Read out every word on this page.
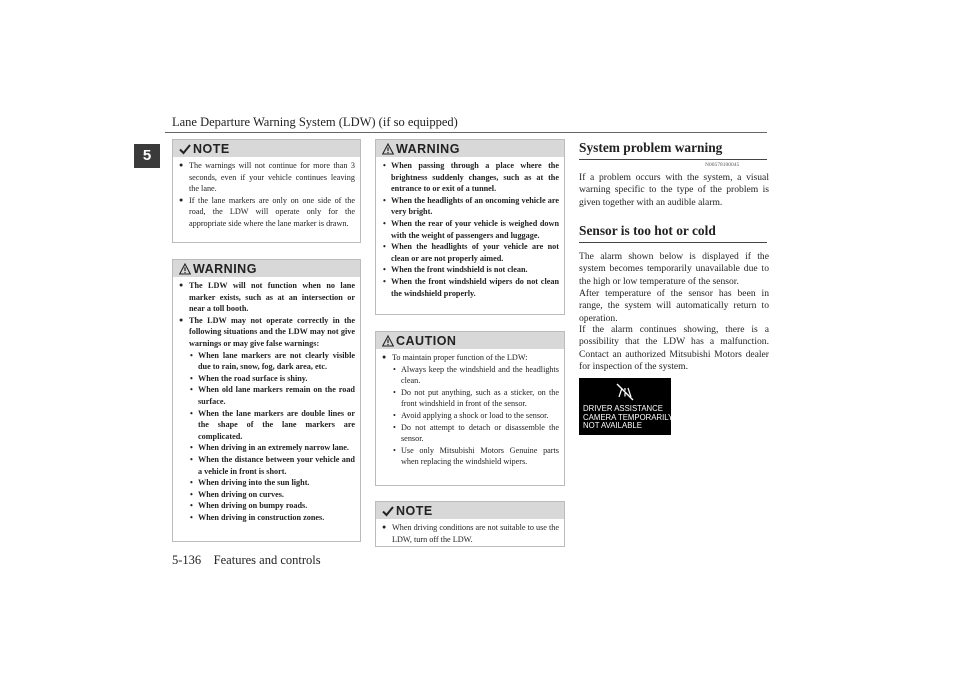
Lane Departure Warning System (LDW) (if so equipped)
5
5-136 Features and controls
NOTE
● The warnings will not continue for more than 3 seconds, even if your vehicle continues leaving the lane.
● If the lane markers are only on one side of the road, the LDW will operate only for the appropriate side where the lane marker is drawn.
WARNING
● The LDW will not function when no lane marker exists, such as at an intersection or near a toll booth.
● The LDW may not operate correctly in the following situations and the LDW may not give warnings or may give false warnings:
• When lane markers are not clearly visible due to rain, snow, fog, dark area, etc.
• When the road surface is shiny.
• When old lane markers remain on the road surface.
• When the lane markers are double lines or the shape of the lane markers are complicated.
• When driving in an extremely narrow lane.
• When the distance between your vehicle and a vehicle in front is short.
• When driving into the sun light.
• When driving on curves.
• When driving on bumpy roads.
• When driving in construction zones.
WARNING
• When passing through a place where the brightness suddenly changes, such as at the entrance to or exit of a tunnel.
• When the headlights of an oncoming vehicle are very bright.
• When the rear of your vehicle is weighed down with the weight of passengers and luggage.
• When the headlights of your vehicle are not clean or are not properly aimed.
• When the front windshield is not clean.
• When the front windshield wipers do not clean the windshield properly.
CAUTION
● To maintain proper function of the LDW:
• Always keep the windshield and the headlights clean.
• Do not put anything, such as a sticker, on the front windshield in front of the sensor.
• Avoid applying a shock or load to the sensor.
• Do not attempt to detach or disassemble the sensor.
• Use only Mitsubishi Motors Genuine parts when replacing the windshield wipers.
NOTE
● When driving conditions are not suitable to use the LDW, turn off the LDW.
System problem warning
N00578100045
If a problem occurs with the system, a visual warning specific to the type of the problem is given together with an audible alarm.
Sensor is too hot or cold
The alarm shown below is displayed if the system becomes temporarily unavailable due to the high or low temperature of the sensor.
After temperature of the sensor has been in range, the system will automatically return to operation.
If the alarm continues showing, there is a possibility that the LDW has a malfunction. Contact an authorized Mitsubishi Motors dealer for inspection of the system.
DRIVER ASSISTANCE
CAMERA TEMPORARILY
NOT AVAILABLE
